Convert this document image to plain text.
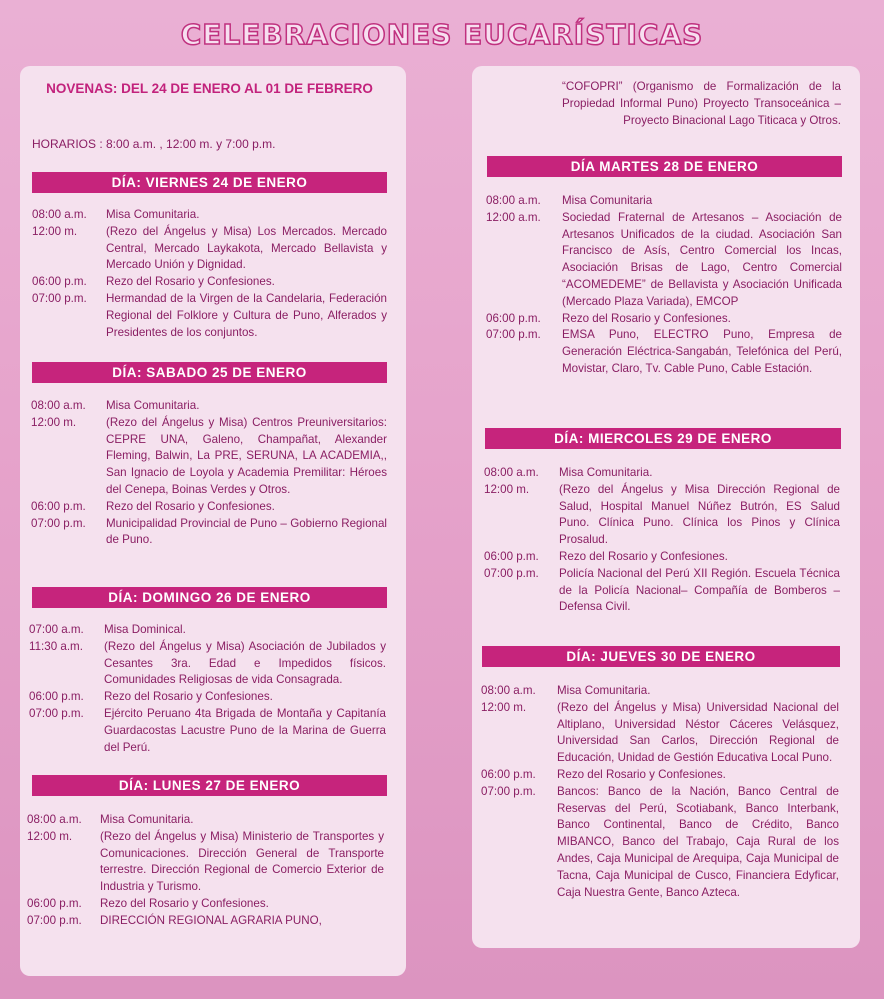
CELEBRACIONES EUCARÍSTICAS
NOVENAS: DEL 24 DE ENERO AL 01 DE FEBRERO
HORARIOS : 8:00 a.m. , 12:00 m. y 7:00 p.m.
“COFOPRI” (Organismo de Formalización de la Propiedad Informal Puno) Proyecto Transoceánica – Proyecto Binacional Lago Titicaca y Otros.
DÍA: VIERNES 24 DE ENERO
DÍA: SABADO 25 DE ENERO
DÍA: DOMINGO 26 DE ENERO
DÍA: LUNES 27 DE ENERO
DÍA MARTES 28 DE ENERO
DÍA: MIERCOLES 29 DE ENERO
DÍA: JUEVES 30 DE ENERO
08:00 a.m. Misa Comunitaria.
12:00 m. (Rezo del Ángelus y Misa) Los Mercados. Mercado Central, Mercado Laykakota, Mercado Bellavista y Mercado Unión y Dignidad.
06:00 p.m. Rezo del Rosario y Confesiones.
07:00 p.m. Hermandad de la Virgen de la Candelaria, Federación Regional del Folklore y Cultura de Puno, Alferados y Presidentes de los conjuntos.
08:00 a.m. Misa Comunitaria.
12:00 m.	(Rezo del Ángelus y Misa) Centros Preuniversitarios: CEPRE UNA, Galeno, Champañat, Alexander Fleming, Balwin, La PRE, SERUNA, LA ACADEMIA,, San Ignacio de Loyola y Academia Premilitar: Héroes del Cenepa, Boinas Verdes y Otros.
06:00 p.m. Rezo del Rosario y Confesiones.
07:00 p.m. Municipalidad Provincial de Puno – Gobierno Regional de Puno.
07:00 a.m. Misa Dominical.
11:30 a.m. (Rezo del Ángelus y Misa) Asociación de Jubilados y Cesantes 3ra. Edad e Impedidos físicos. Comunidades Religiosas de vida Consagrada.
06:00 p.m. Rezo del Rosario y Confesiones.
07:00 p.m. Ejército Peruano 4ta Brigada de Montaña y Capitanía Guardacostas Lacustre Puno de la Marina de Guerra del Perú.
08:00 a.m. Misa Comunitaria.
12:00 m. (Rezo del Ángelus y Misa) Ministerio de Transportes y Comunicaciones. Dirección General de Transporte terrestre. Dirección Regional de Comercio Exterior de Industria y Turismo.
06:00 p.m. Rezo del Rosario y Confesiones.
07:00 p.m. DIRECCIÓN REGIONAL AGRARIA PUNO,
08:00 a.m. Misa Comunitaria
12:00 a.m. Sociedad Fraternal de Artesanos – Asociación de Artesanos Unificados de la ciudad. Asociación San Francisco de Asís, Centro Comercial los Incas, Asociación Brisas de Lago, Centro Comercial “ACOMEDEME” de Bellavista y Asociación Unificada (Mercado Plaza Variada), EMCOP
06:00 p.m. Rezo del Rosario y Confesiones.
07:00 p.m. EMSA Puno, ELECTRO Puno, Empresa de Generación Eléctrica-Sangabán, Telefónica del Perú, Movistar, Claro, Tv. Cable Puno, Cable Estación.
08:00 a.m. Misa Comunitaria.
12:00 m.	(Rezo del Ángelus y Misa Dirección Regional de Salud, Hospital Manuel Núñez Butrón, ES Salud Puno. Clínica Puno. Clínica los Pinos y Clínica Prosalud.
06:00 p.m. Rezo del Rosario y Confesiones.
07:00 p.m. Policía Nacional del Perú XII Región. Escuela Técnica de la Policía Nacional– Compañía de Bomberos – Defensa Civil.
08:00 a.m. Misa Comunitaria.
12:00 m.	(Rezo del Ángelus y Misa) Universidad Nacional del Altiplano, Universidad Néstor Cáceres Velásquez, Universidad San Carlos, Dirección Regional de Educación, Unidad de Gestión Educativa Local Puno.
06:00 p.m. Rezo del Rosario y Confesiones.
07:00 p.m. Bancos: Banco de la Nación, Banco Central de Reservas del Perú, Scotiabank, Banco Interbank, Banco Continental, Banco de Crédito, Banco MIBANCO, Banco del Trabajo, Caja Rural de los Andes, Caja Municipal de Arequipa, Caja Municipal de Tacna, Caja Municipal de Cusco, Financiera Edyficar, Caja Nuestra Gente, Banco Azteca.
